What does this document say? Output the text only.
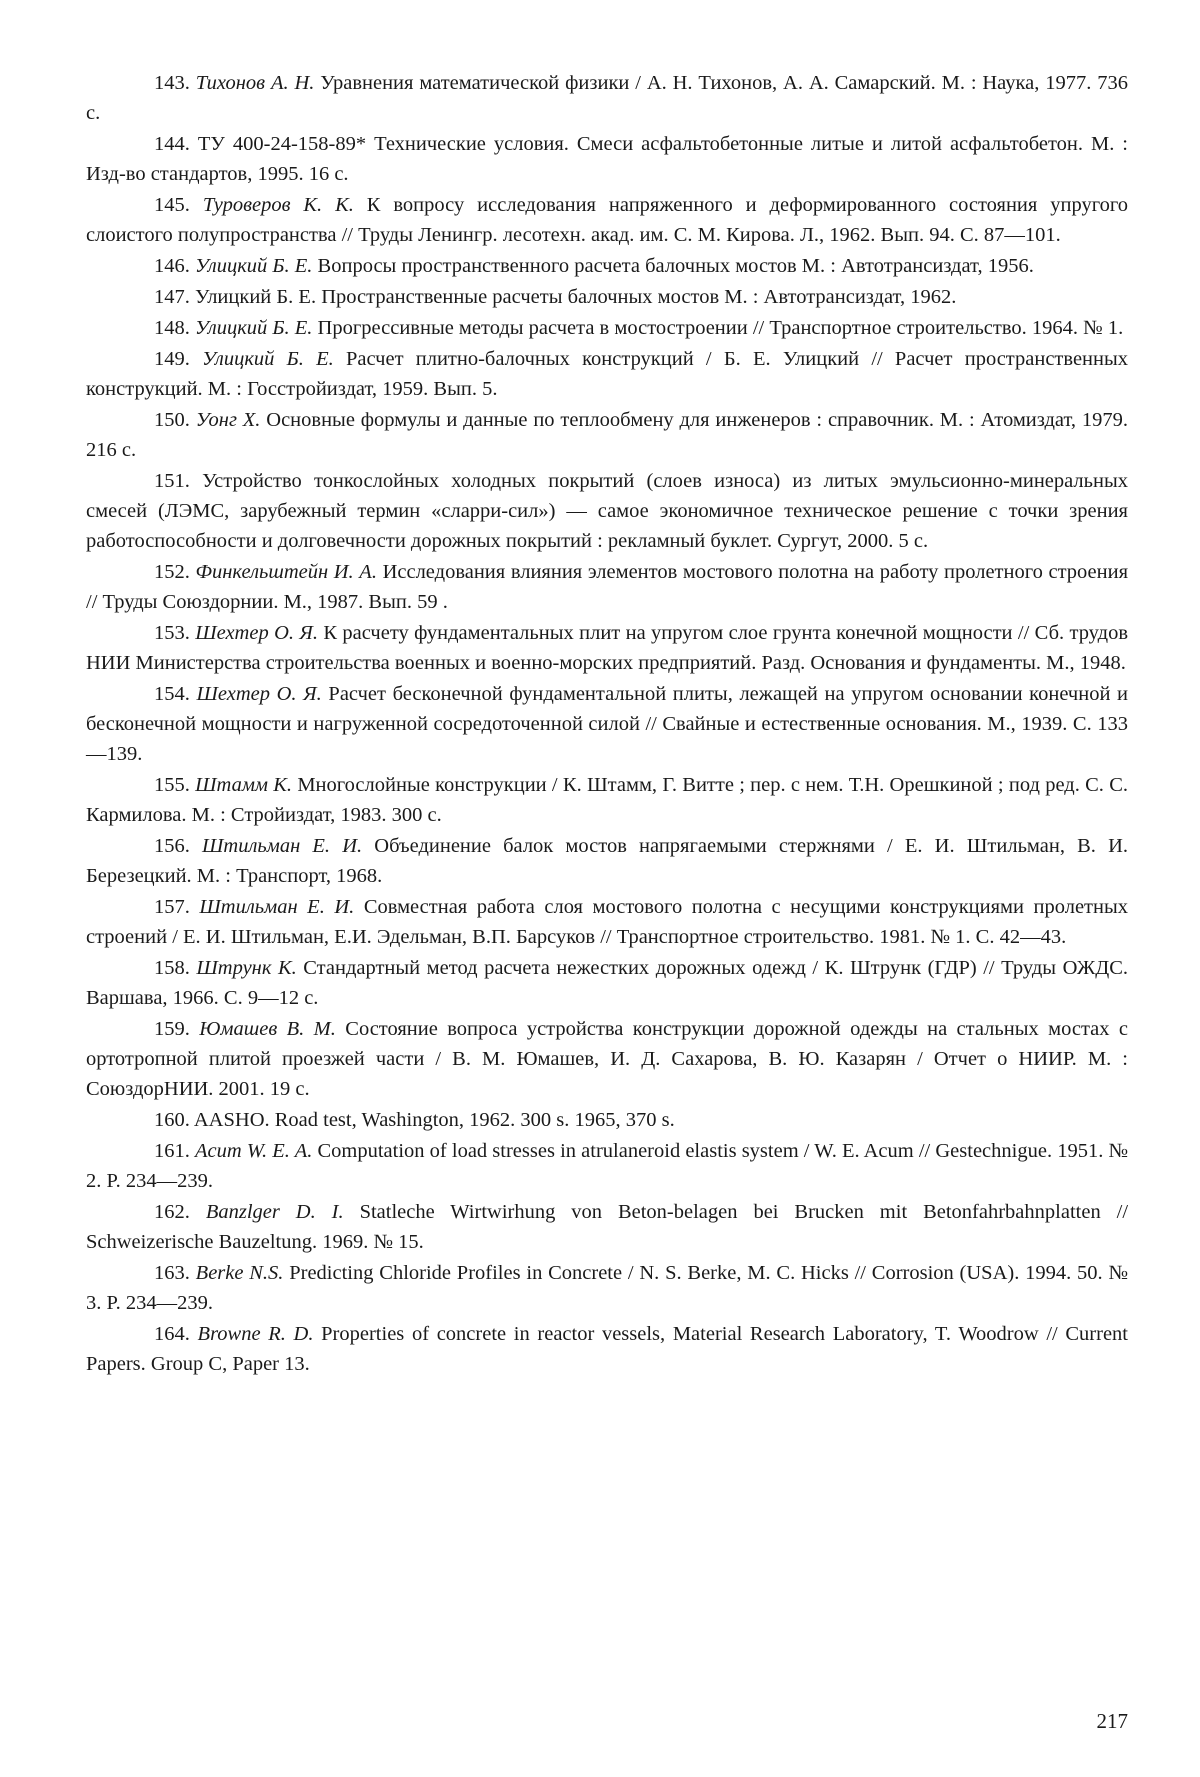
143. Тихонов А. Н. Уравнения математической физики / А. Н. Тихонов, А. А. Самарский. М. : Наука, 1977. 736 с.

144. ТУ 400-24-158-89* Технические условия. Смеси асфальтобетонные литые и литой асфальтобетон. М. : Изд-во стандартов, 1995. 16 с.

145. Туроверов К. К. К вопросу исследования напряженного и деформированного состояния упругого слоистого полупространства // Труды Ленингр. лесотехн. акад. им. С. М. Кирова. Л., 1962. Вып. 94. С. 87—101.

146. Улицкий Б. Е. Вопросы пространственного расчета балочных мостов М. : Автотрансиздат, 1956.

147. Улицкий Б. Е. Пространственные расчеты балочных мостов М. : Автотрансиздат, 1962.

148. Улицкий Б. Е. Прогрессивные методы расчета в мостостроении // Транспортное строительство. 1964. № 1.

149. Улицкий Б. Е. Расчет плитно-балочных конструкций / Б. Е. Улицкий // Расчет пространственных конструкций. М. : Госстройиздат, 1959. Вып. 5.

150. Уонг Х. Основные формулы и данные по теплообмену для инженеров : справочник. М. : Атомиздат, 1979. 216 с.

151. Устройство тонкослойных холодных покрытий (слоев износа) из литых эмульсионно-минеральных смесей (ЛЭМС, зарубежный термин «сларри-сил») — самое экономичное техническое решение с точки зрения работоспособности и долговечности дорожных покрытий : рекламный буклет. Сургут, 2000. 5 с.

152. Финкельштейн И. А. Исследования влияния элементов мостового полотна на работу пролетного строения // Труды Союздорнии. М., 1987. Вып. 59 .

153. Шехтер О. Я. К расчету фундаментальных плит на упругом слое грунта конечной мощности // Сб. трудов НИИ Министерства строительства военных и военно-морских предприятий. Разд. Основания и фундаменты. М., 1948.

154. Шехтер О. Я. Расчет бесконечной фундаментальной плиты, лежащей на упругом основании конечной и бесконечной мощности и нагруженной сосредоточенной силой // Свайные и естественные основания. М., 1939. С. 133—139.

155. Штамм К. Многослойные конструкции / К. Штамм, Г. Витте ; пер. с нем. Т.Н. Орешкиной ; под ред. С. С. Кармилова. М. : Стройиздат, 1983. 300 с.

156. Штильман Е. И. Объединение балок мостов напрягаемыми стержнями / Е. И. Штильман, В. И. Березецкий. М. : Транспорт, 1968.

157. Штильман Е. И. Совместная работа слоя мостового полотна с несущими конструкциями пролетных строений / Е. И. Штильман, Е.И. Эдельман, В.П. Барсуков // Транспортное строительство. 1981. № 1. С. 42—43.

158. Штрунк К. Стандартный метод расчета нежестких дорожных одежд / К. Штрунк (ГДР) // Труды ОЖДС. Варшава, 1966. С. 9—12 с.

159. Юмашев В. М. Состояние вопроса устройства конструкции дорожной одежды на стальных мостах с ортотропной плитой проезжей части / В. М. Юмашев, И. Д. Сахарова, В. Ю. Казарян / Отчет о НИИР. М. : СоюздорНИИ. 2001. 19 с.

160. AASHO. Road test, Washington, 1962. 300 s. 1965, 370 s.

161. Acum W. E. A. Computation of load stresses in atrulaneroid elastis system / W. E. Acum // Gestechnigue. 1951. № 2. P. 234—239.

162. Banzlger D. I. Statleche Wirtwirhung von Beton-belagen bei Brucken mit Betonfahrbahnplatten // Schweizerische Bauzeltung. 1969. № 15.

163. Berke N.S. Predicting Chloride Profiles in Concrete / N. S. Berke, M. C. Hicks // Corrosion (USA). 1994. 50. № 3. P. 234—239.

164. Browne R. D. Properties of concrete in reactor vessels, Material Research Laboratory, T. Woodrow // Current Papers. Group C, Paper 13.

217
